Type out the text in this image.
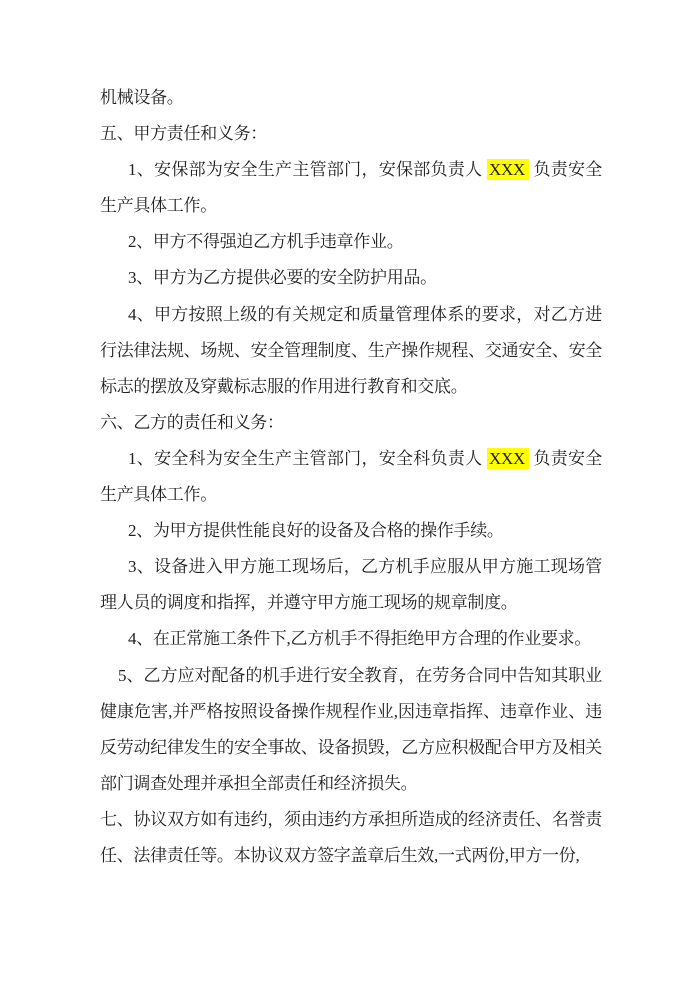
机械设备。

五、甲方责任和义务：

1、安保部为安全生产主管部门，安保部负责人 XXX 负责安全生产具体工作。

2、甲方不得强迫乙方机手违章作业。

3、甲方为乙方提供必要的安全防护用品。

4、甲方按照上级的有关规定和质量管理体系的要求，对乙方进行法律法规、场规、安全管理制度、生产操作规程、交通安全、安全标志的摆放及穿戴标志服的作用进行教育和交底。

六、乙方的责任和义务：

1、安全科为安全生产主管部门，安全科负责人 XXX 负责安全生产具体工作。

2、为甲方提供性能良好的设备及合格的操作手续。

3、设备进入甲方施工现场后，乙方机手应服从甲方施工现场管理人员的调度和指挥，并遵守甲方施工现场的规章制度。

4、在正常施工条件下,乙方机手不得拒绝甲方合理的作业要求。

5、乙方应对配备的机手进行安全教育，在劳务合同中告知其职业健康危害,并严格按照设备操作规程作业,因违章指挥、违章作业、违反劳动纪律发生的安全事故、设备损毁，乙方应积极配合甲方及相关部门调查处理并承担全部责任和经济损失。

七、协议双方如有违约，须由违约方承担所造成的经济责任、名誉责任、法律责任等。本协议双方签字盖章后生效,一式两份,甲方一份,
